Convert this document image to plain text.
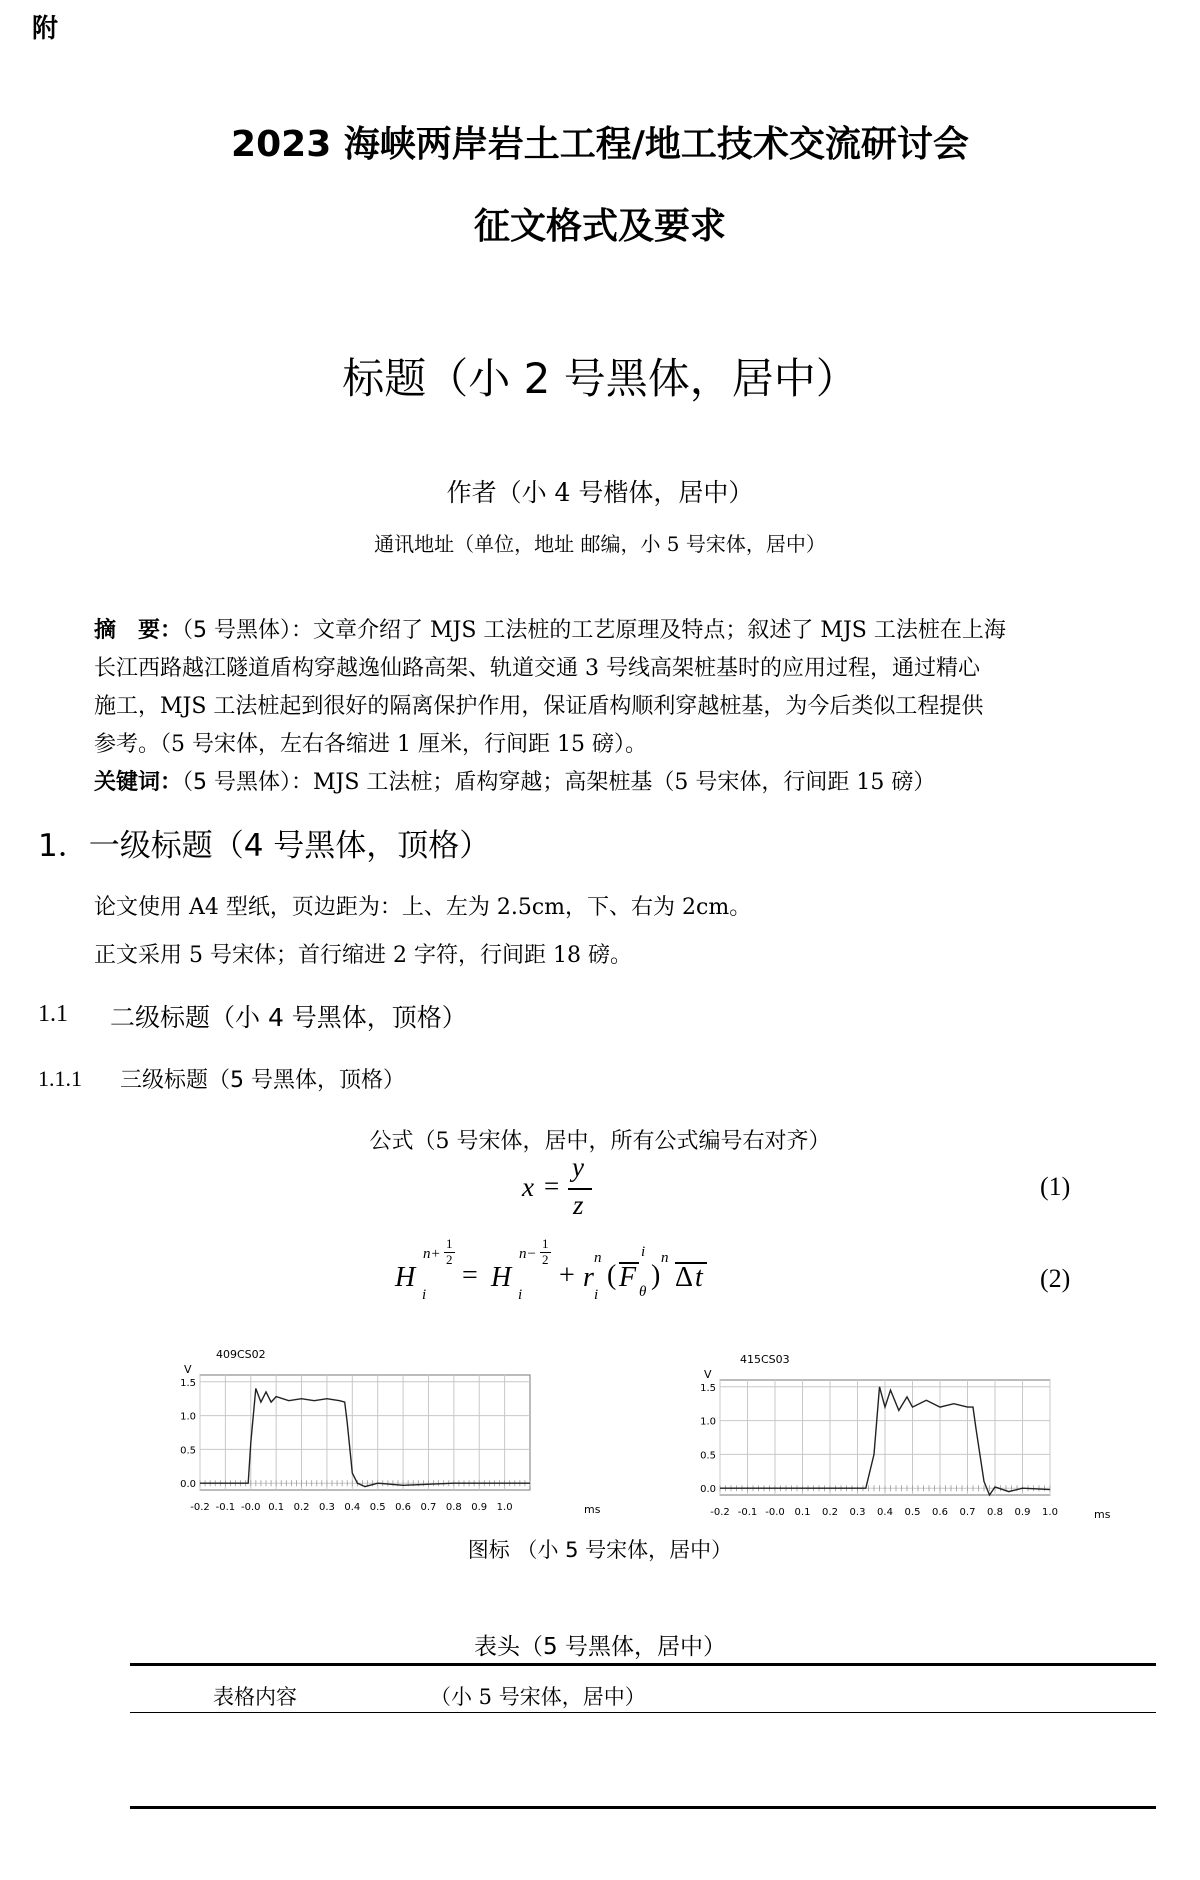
附
2023 海峡两岸岩土工程/地工技术交流研讨会
征文格式及要求
标题（小 2 号黑体，居中）
作者（小 4 号楷体，居中）
通讯地址（单位，地址 邮编，小 5 号宋体，居中）
摘　要：（5 号黑体）：文章介绍了 MJS 工法桩的工艺原理及特点；叙述了 MJS 工法桩在上海
长江西路越江隧道盾构穿越逸仙路高架、轨道交通 3 号线高架桩基时的应用过程，通过精心
施工，MJS 工法桩起到很好的隔离保护作用，保证盾构顺利穿越桩基，为今后类似工程提供
参考。（5 号宋体，左右各缩进 1 厘米，行间距 15 磅）。
关键词：（5 号黑体）：MJS 工法桩；盾构穿越；高架桩基（5 号宋体，行间距 15 磅）
1．一级标题（4 号黑体，顶格）
论文使用 A4 型纸，页边距为：上、左为 2.5cm，下、右为 2cm。
正文采用 5 号宋体；首行缩进 2 字符，行间距 18 磅。
1.1 二级标题（小 4 号黑体，顶格）
1.1.1 三级标题（5 号黑体，顶格）
公式（5 号宋体，居中，所有公式编号右对齐）
x =
y
z
(1)
H
i
n+
1
2
= H
i
n−
1
2
+ r
n
i
( F
i
θ
)
n
Δ t	(2)
409CS02
V
ms
0.0
0.5
1.0
1.5
-0.2 -0.1 -0.0 0.1 0.2 0.3 0.4 0.5 0.6 0.7 0.8 0.9 1.0
415CS03
V
ms
0.0
0.5
1.0
1.5
-0.2 -0.1 -0.0 0.1 0.2 0.3 0.4 0.5 0.6 0.7 0.8 0.9 1.0
图标 （小 5 号宋体，居中）
表头（5 号黑体，居中）
表格内容	（小 5 号宋体，居中）
